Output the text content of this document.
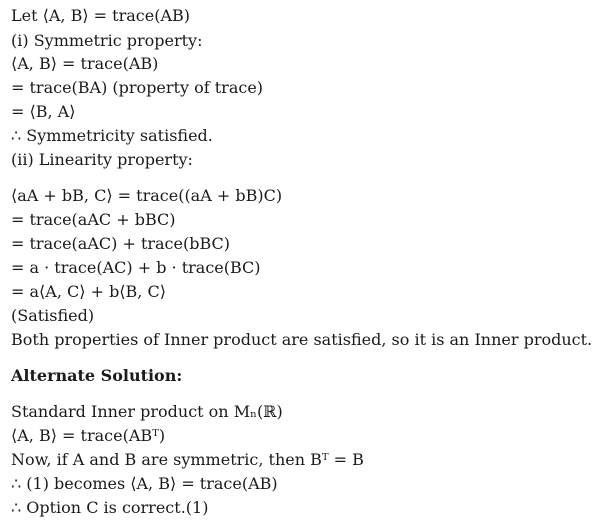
Let ⟨A, B⟩ = trace(AB)
(i) Symmetric property:
⟨A, B⟩ = trace(AB)
= trace(BA) (property of trace)
= ⟨B, A⟩
∴ Symmetricity satisfied.
(ii) Linearity property:
⟨aA + bB, C⟩ = trace((aA + bB)C)
= trace(aAC + bBC)
= trace(aAC) + trace(bBC)
= a · trace(AC) + b · trace(BC)
= a⟨A, C⟩ + b⟨B, C⟩
(Satisfied)
Both properties of Inner product are satisfied, so it is an Inner product.
Alternate Solution:
Standard Inner product on Mₙ(ℝ)
⟨A, B⟩ = trace(ABᵀ)
Now, if A and B are symmetric, then Bᵀ = B
∴ (1) becomes ⟨A, B⟩ = trace(AB)
∴ Option C is correct.(1)
